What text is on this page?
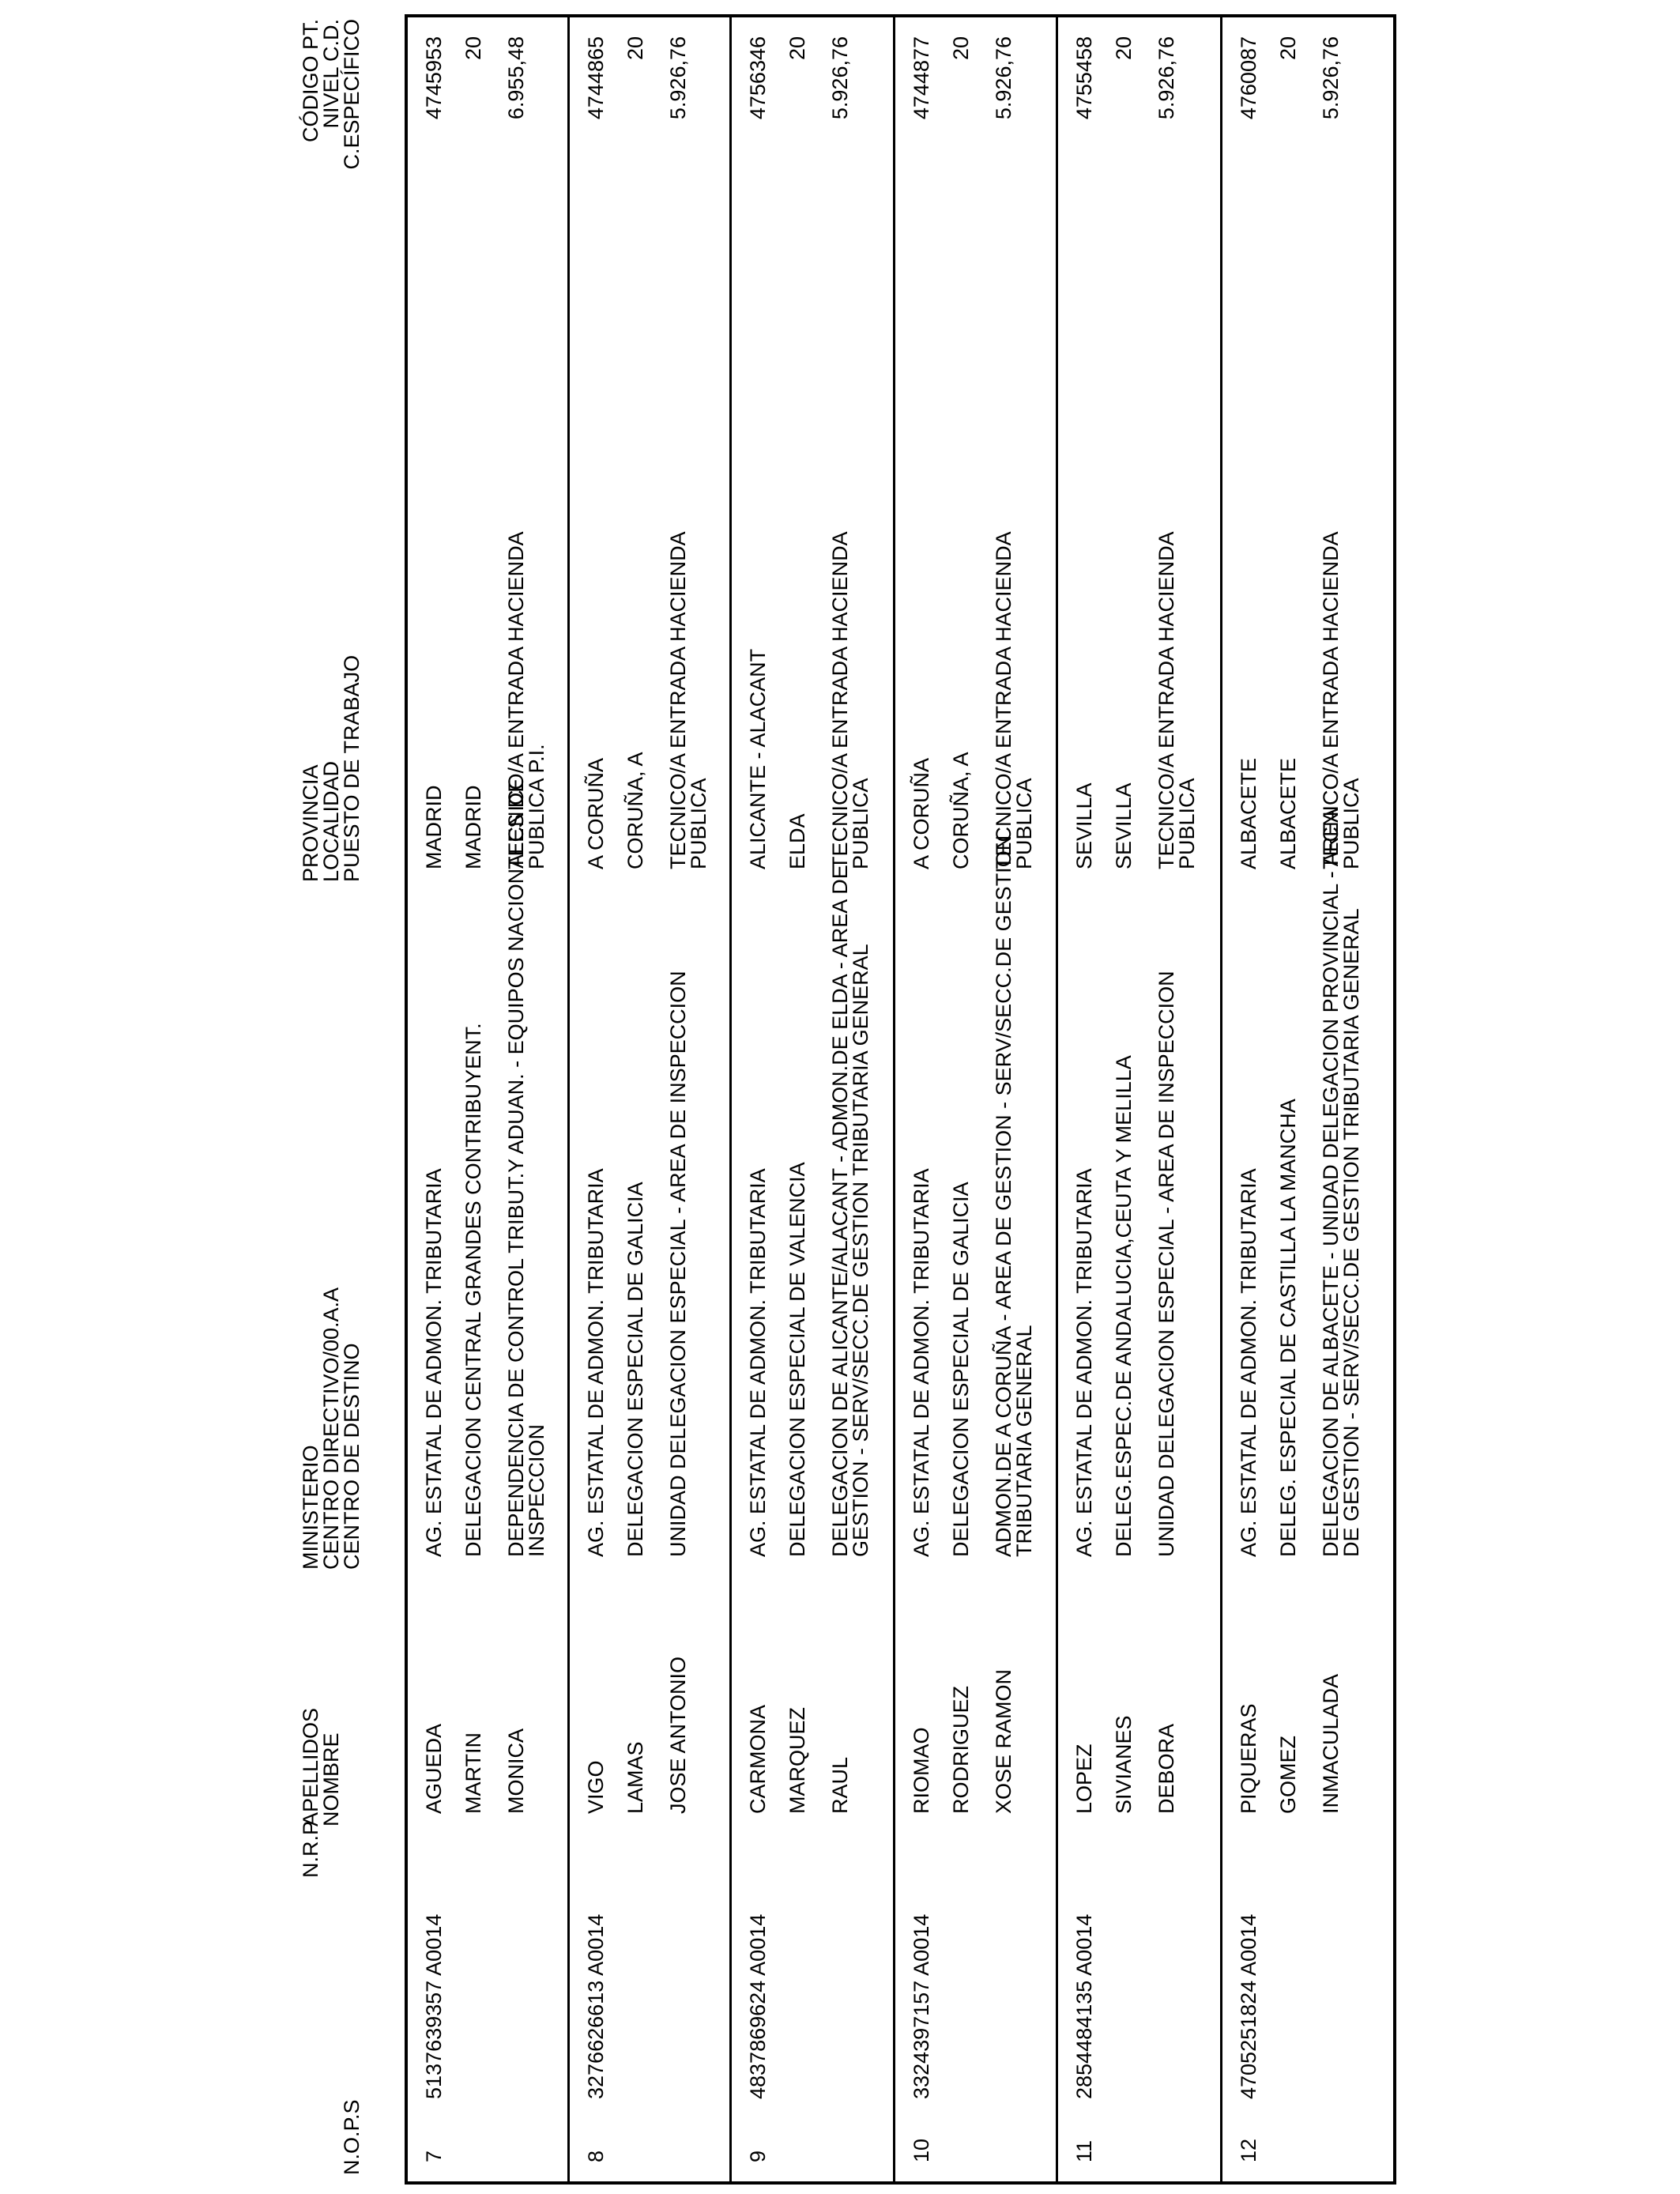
N.O.P.S
N.R.P
APELLIDOS
NOMBRE
MINISTERIO
CENTRO DIRECTIVO/00.A.A
CENTRO DE DESTINO
PROVINCIA
LOCALIDAD
PUESTO DE TRABAJO
CÓDIGO PT.
NIVEL C.D.
C.ESPECÍFICO
7
5137639357 A0014
AGUEDA MARTIN MONICA
AG. ESTATAL DE ADMON. TRIBUTARIA DELEGACION CENTRAL GRANDES CONTRIBUYENT. DEPENDENCIA DE CONTROL TRIBUT.Y ADUAN. - EQUIPOS NACIONALES DE
INSPECCION
MADRID MADRID TECNICO/A ENTRADA HACIENDA
PUBLICA P.I.
4745953 20 6.955,48
8
3276626613 A0014
VIGO LAMAS JOSE ANTONIO
AG. ESTATAL DE ADMON. TRIBUTARIA DELEGACION ESPECIAL DE GALICIA UNIDAD DELEGACION ESPECIAL - AREA DE INSPECCION
A CORUÑA CORUÑA, A TECNICO/A ENTRADA HACIENDA
PUBLICA
4744865 20 5.926,76
9
4837869624 A0014
CARMONA MARQUEZ RAUL
AG. ESTATAL DE ADMON. TRIBUTARIA DELEGACION ESPECIAL DE VALENCIA DELEGACION DE ALICANTE/ALACANT - ADMON.DE ELDA - AREA DE
GESTION - SERV/SECC.DE GESTION TRIBUTARIA GENERAL
ALICANTE - ALACANT ELDA TECNICO/A ENTRADA HACIENDA
PUBLICA
4756346 20 5.926,76
10
3324397157 A0014
RIOMAO RODRIGUEZ XOSE RAMON
AG. ESTATAL DE ADMON. TRIBUTARIA DELEGACION ESPECIAL DE GALICIA ADMON.DE A CORUÑA - AREA DE GESTION - SERV/SECC.DE GESTION
TRIBUTARIA GENERAL
A CORUÑA CORUÑA, A TECNICO/A ENTRADA HACIENDA
PUBLICA
4744877 20 5.926,76
11
2854484135 A0014
LOPEZ SIVIANES DEBORA
AG. ESTATAL DE ADMON. TRIBUTARIA DELEG.ESPEC.DE ANDALUCIA,CEUTA Y MELILLA UNIDAD DELEGACION ESPECIAL - AREA DE INSPECCION
SEVILLA SEVILLA TECNICO/A ENTRADA HACIENDA
PUBLICA
4755458 20 5.926,76
12
4705251824 A0014
PIQUERAS GOMEZ INMACULADA
AG. ESTATAL DE ADMON. TRIBUTARIA DELEG. ESPECIAL DE CASTILLA LA MANCHA DELEGACION DE ALBACETE - UNIDAD DELEGACION PROVINCIAL - AREA
DE GESTION - SERV/SECC.DE GESTION TRIBUTARIA GENERAL
ALBACETE ALBACETE TECNICO/A ENTRADA HACIENDA
PUBLICA
4760087 20 5.926,76
